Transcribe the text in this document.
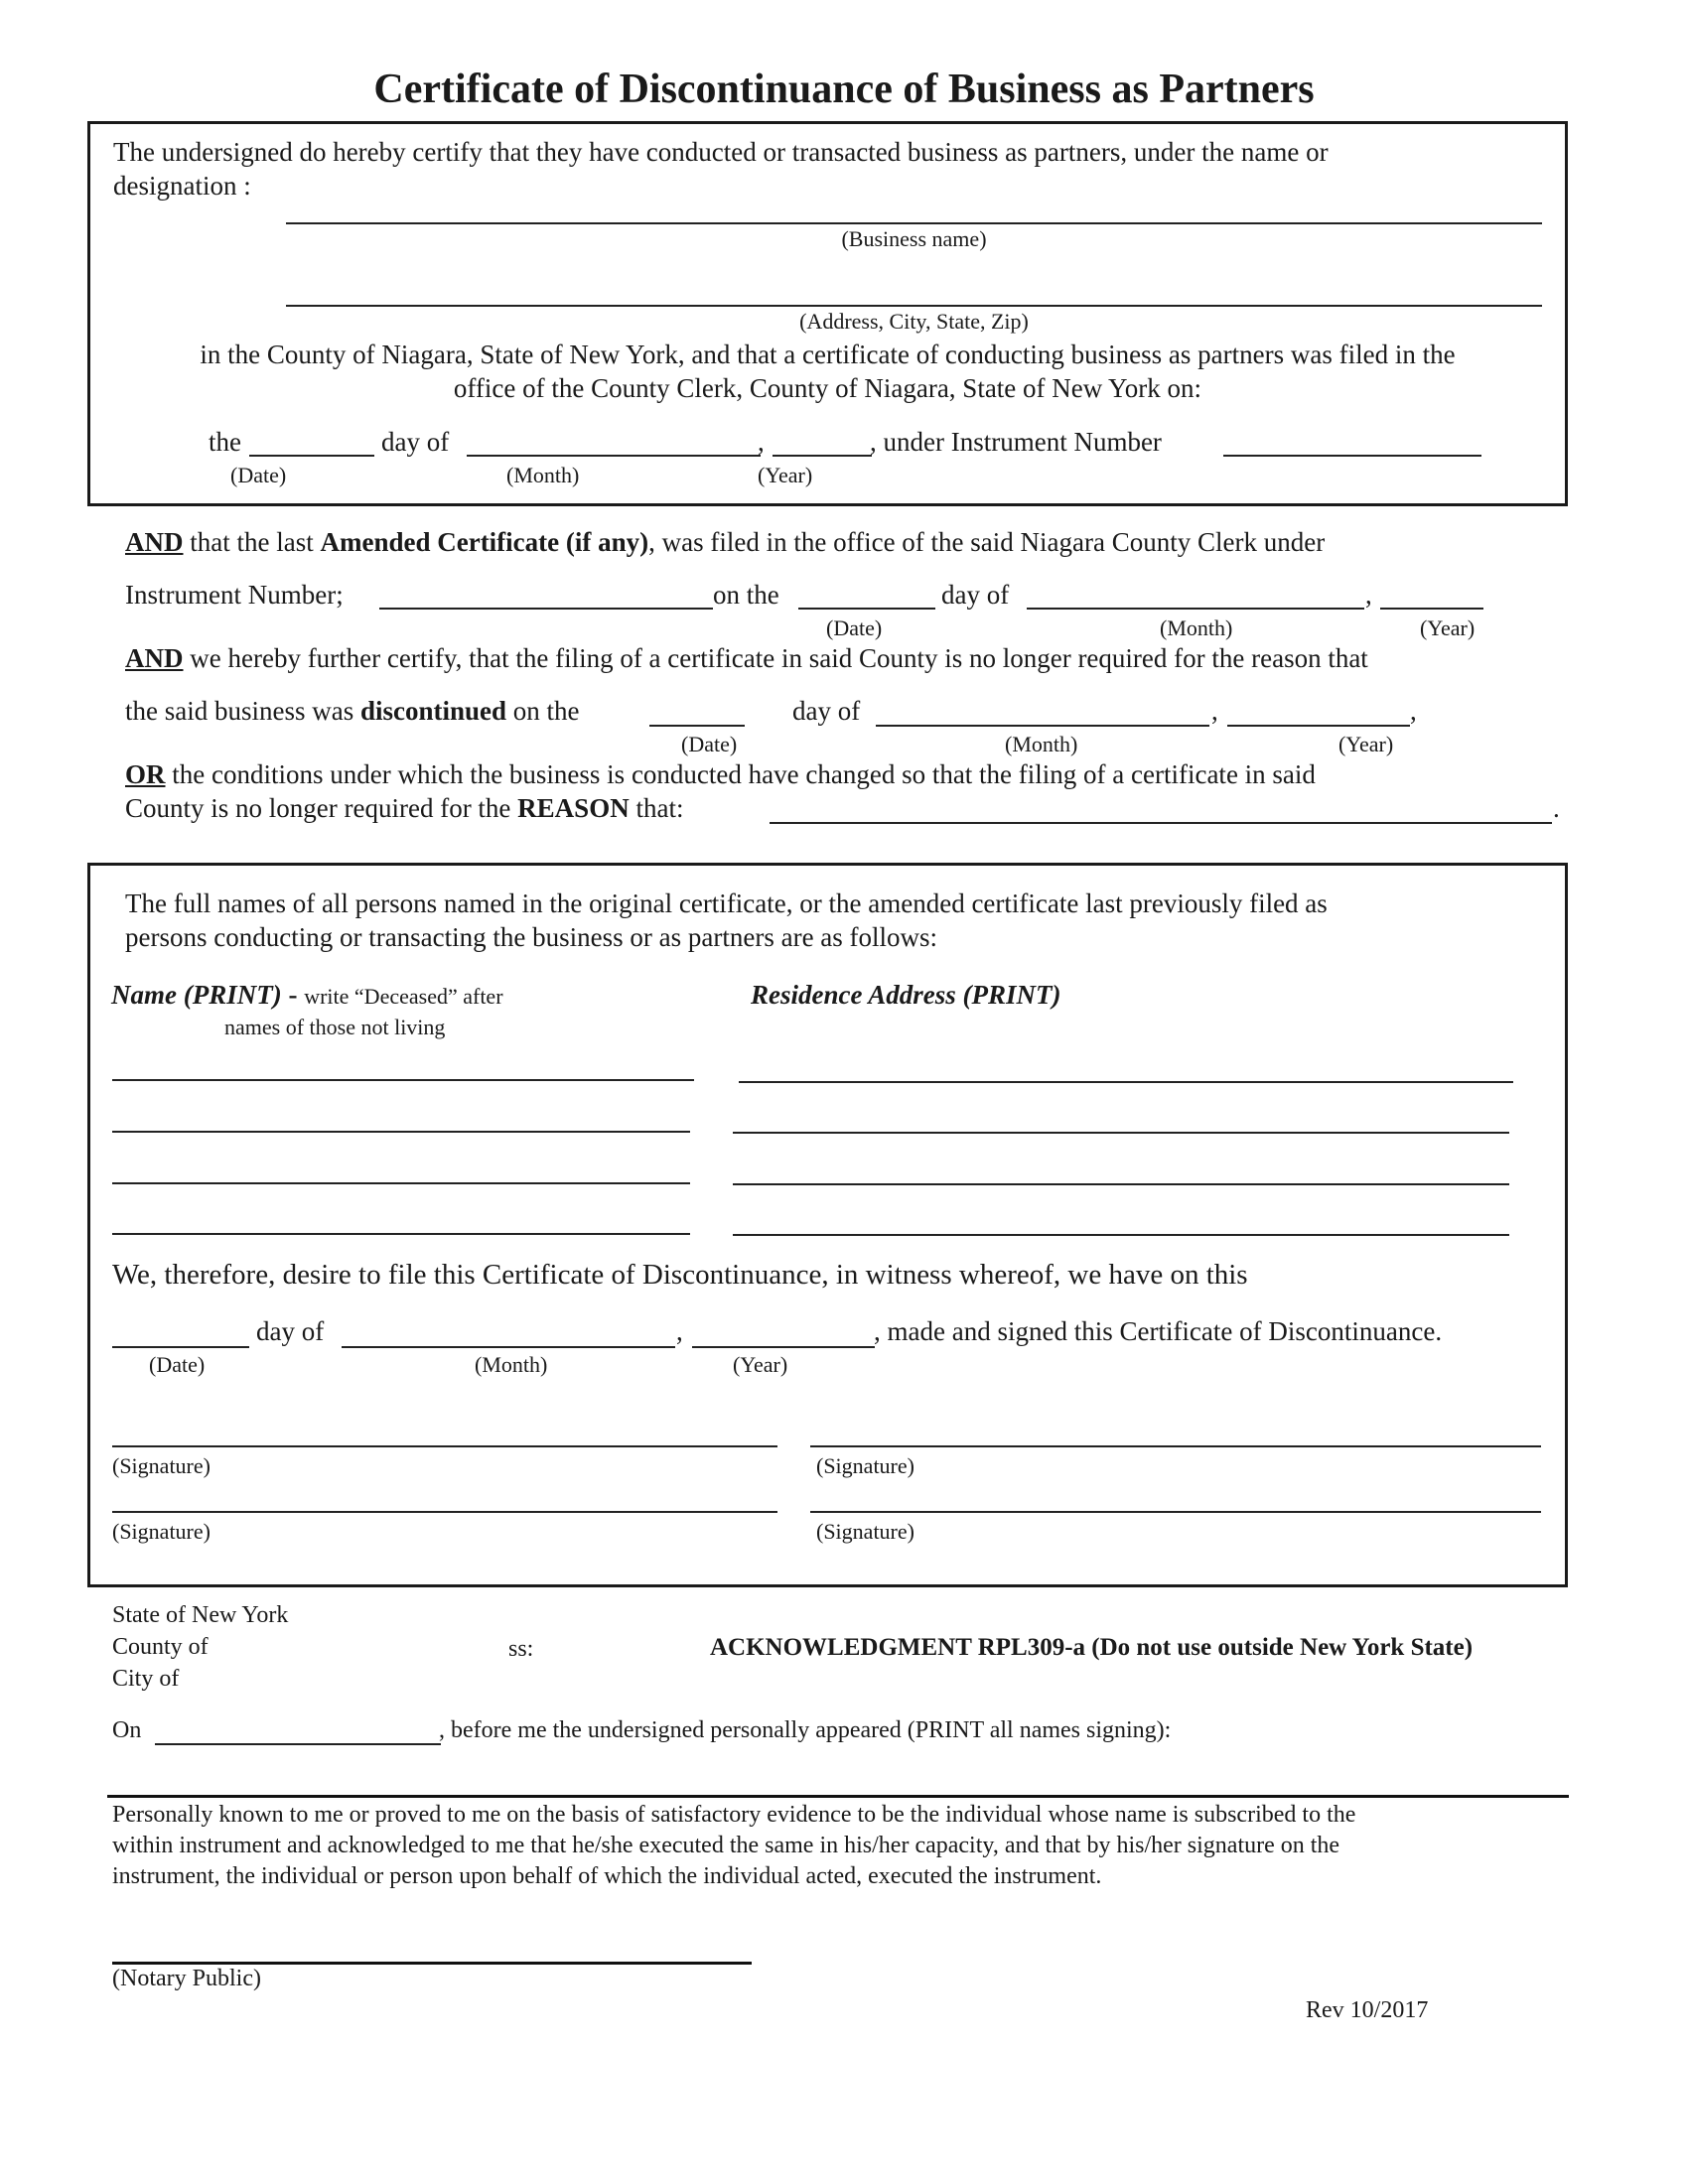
Certificate of Discontinuance of Business as Partners
The undersigned do hereby certify that they have conducted or transacted business as partners, under the name or
designation :
(Business name)
(Address, City, State, Zip)
in the County of Niagara, State of New York, and that a certificate of conducting business as partners was filed in the
office of the County Clerk, County of Niagara, State of New York on:
the	day of	,	, under Instrument Number
(Date)	(Month)	(Year)
AND that the last Amended Certificate (if any), was filed in the office of the said Niagara County Clerk under
Instrument Number;	on the	day of	,
(Date)	(Month)	(Year)
AND we hereby further certify, that the filing of a certificate in said County is no longer required for the reason that
the said business was discontinued on the	day of	,	,
(Date)	(Month)	(Year)
OR the conditions under which the business is conducted have changed so that the filing of a certificate in said
County is no longer required for the REASON that:	.
The full names of all persons named in the original certificate, or the amended certificate last previously filed as
persons conducting or transacting the business or as partners are as follows:
Name (PRINT) - write “Deceased” after
names of those not living
Residence Address (PRINT)
We, therefore, desire to file this Certificate of Discontinuance, in witness whereof, we have on this
day of	,	, made and signed this Certificate of Discontinuance.
(Date)	(Month)	(Year)
(Signature)	(Signature)
(Signature)	(Signature)
State of New York
County of
City of
ss:	ACKNOWLEDGMENT RPL309-a (Do not use outside New York State)
On	, before me the undersigned personally appeared (PRINT all names signing):
Personally known to me or proved to me on the basis of satisfactory evidence to be the individual whose name is subscribed to the
within instrument and acknowledged to me that he/she executed the same in his/her capacity, and that by his/her signature on the
instrument, the individual or person upon behalf of which the individual acted, executed the instrument.
(Notary Public)
Rev 10/2017
